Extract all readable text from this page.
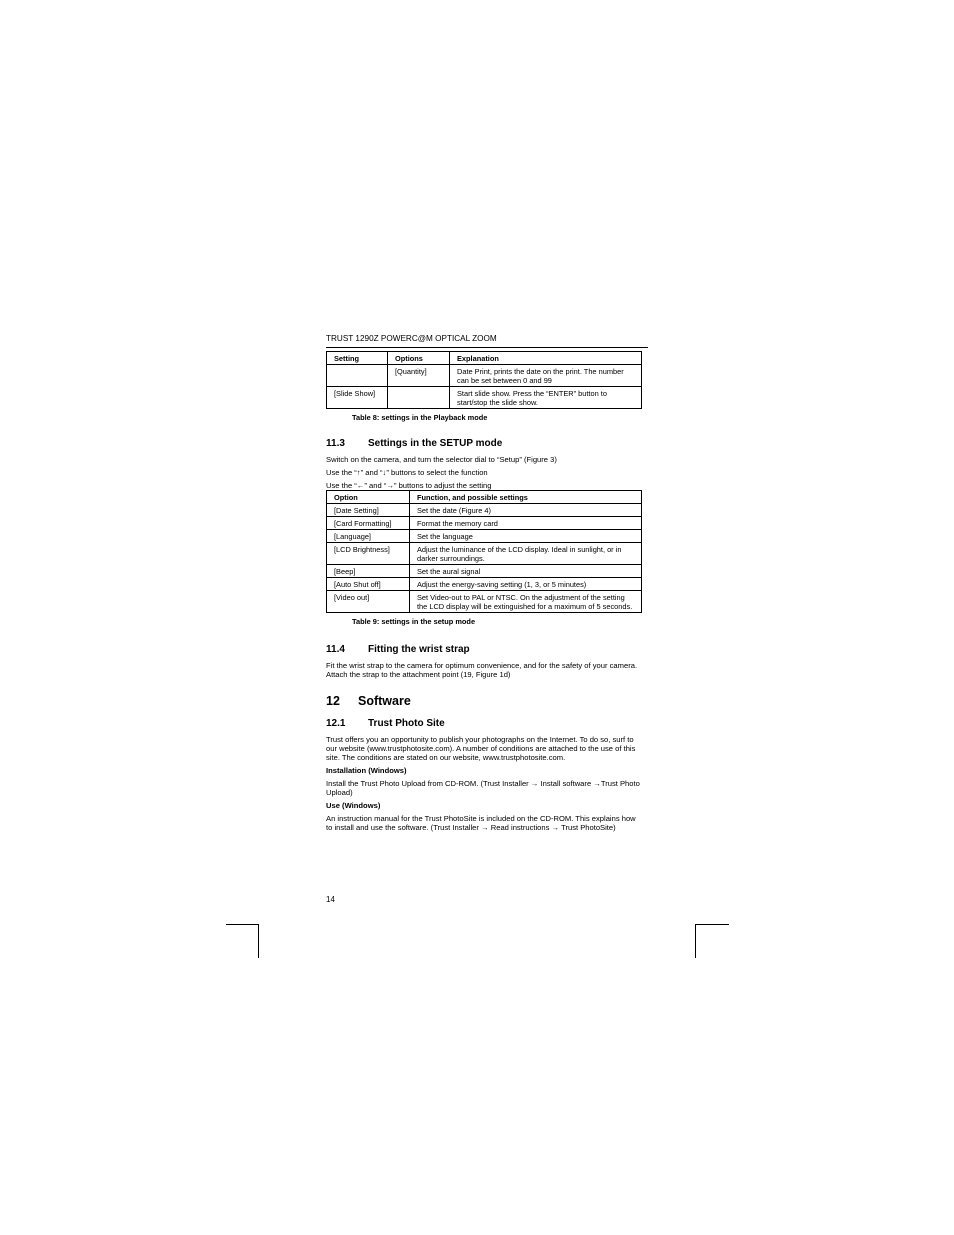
TRUST 1290Z POWERC@M OPTICAL ZOOM
Setting	Options	Explanation
	[Quantity]	Date Print, prints the date on the print. The number can be set between 0 and 99
[Slide Show]		Start slide show. Press the “ENTER” button to start/stop the slide show.
Table 8: settings in the Playback mode
11.3 Settings in the SETUP mode

Switch on the camera, and turn the selector dial to “Setup” (Figure 3)

Use the “↑” and “↓” buttons to select the function

Use the “←” and “→” buttons to adjust the setting

Option	Function, and possible settings
[Date Setting]	Set the date (Figure 4)
[Card Formatting]	Format the memory card
[Language]	Set the language
[LCD Brightness]	Adjust the luminance of the LCD display. Ideal in sunlight, or in darker surroundings.
[Beep]	Set the aural signal
[Auto Shut off]	Adjust the energy-saving setting (1, 3, or 5 minutes)
[Video out]	Set Video-out to PAL or NTSC. On the adjustment of the setting the LCD display will be extinguished for a maximum of 5 seconds.
Table 9: settings in the setup mode
11.4 Fitting the wrist strap

Fit the wrist strap to the camera for optimum convenience, and for the safety of your camera. Attach the strap to the attachment point (19, Figure 1d)

12 Software
12.1 Trust Photo Site

Trust offers you an opportunity to publish your photographs on the Internet. To do so, surf to our website (www.trustphotosite.com). A number of conditions are attached to the use of this site. The conditions are stated on our website, www.trustphotosite.com.

Installation (Windows)

Install the Trust Photo Upload from CD-ROM. (Trust Installer → Install software →Trust Photo Upload)

Use (Windows)

An instruction manual for the Trust PhotoSite is included on the CD-ROM. This explains how to install and use the software. (Trust Installer → Read instructions → Trust PhotoSite)

14
